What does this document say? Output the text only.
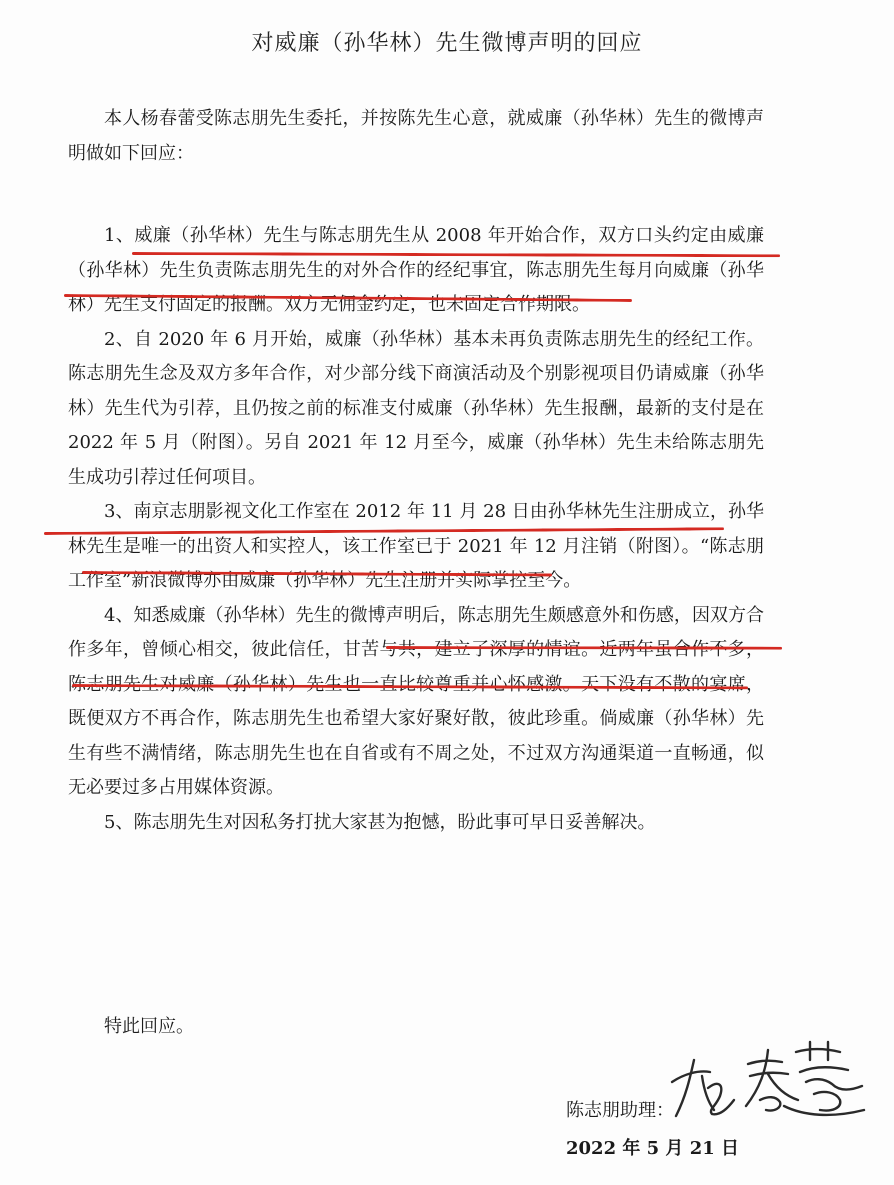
对威廉（孙华林）先生微博声明的回应

本人杨春蕾受陈志朋先生委托，并按陈先生心意，就威廉（孙华林）先生的微博声明做如下回应：

1、威廉（孙华林）先生与陈志朋先生从 2008 年开始合作，双方口头约定由威廉（孙华林）先生负责陈志朋先生的对外合作的经纪事宜，陈志朋先生每月向威廉（孙华林）先生支付固定的报酬。双方无佣金约定，也未固定合作期限。

2、自 2020 年 6 月开始，威廉（孙华林）基本未再负责陈志朋先生的经纪工作。陈志朋先生念及双方多年合作，对少部分线下商演活动及个别影视项目仍请威廉（孙华林）先生代为引荐，且仍按之前的标准支付威廉（孙华林）先生报酬，最新的支付是在 2022 年 5 月（附图）。另自 2021 年 12 月至今，威廉（孙华林）先生未给陈志朋先生成功引荐过任何项目。

3、南京志朋影视文化工作室在 2012 年 11 月 28 日由孙华林先生注册成立，孙华林先生是唯一的出资人和实控人，该工作室已于 2021 年 12 月注销（附图）。“陈志朋工作室”新浪微博亦由威廉（孙华林）先生注册并实际掌控至今。

4、知悉威廉（孙华林）先生的微博声明后，陈志朋先生颇感意外和伤感，因双方合作多年，曾倾心相交，彼此信任，甘苦与共，建立了深厚的情谊。近两年虽合作不多，陈志朋先生对威廉（孙华林）先生也一直比较尊重并心怀感激。天下没有不散的宴席，既便双方不再合作，陈志朋先生也希望大家好聚好散，彼此珍重。倘威廉（孙华林）先生有些不满情绪，陈志朋先生也在自省或有不周之处，不过双方沟通渠道一直畅通，似无必要过多占用媒体资源。

5、陈志朋先生对因私务打扰大家甚为抱憾，盼此事可早日妥善解决。

特此回应。
陈志朋助理：
2022 年 5 月 21 日
